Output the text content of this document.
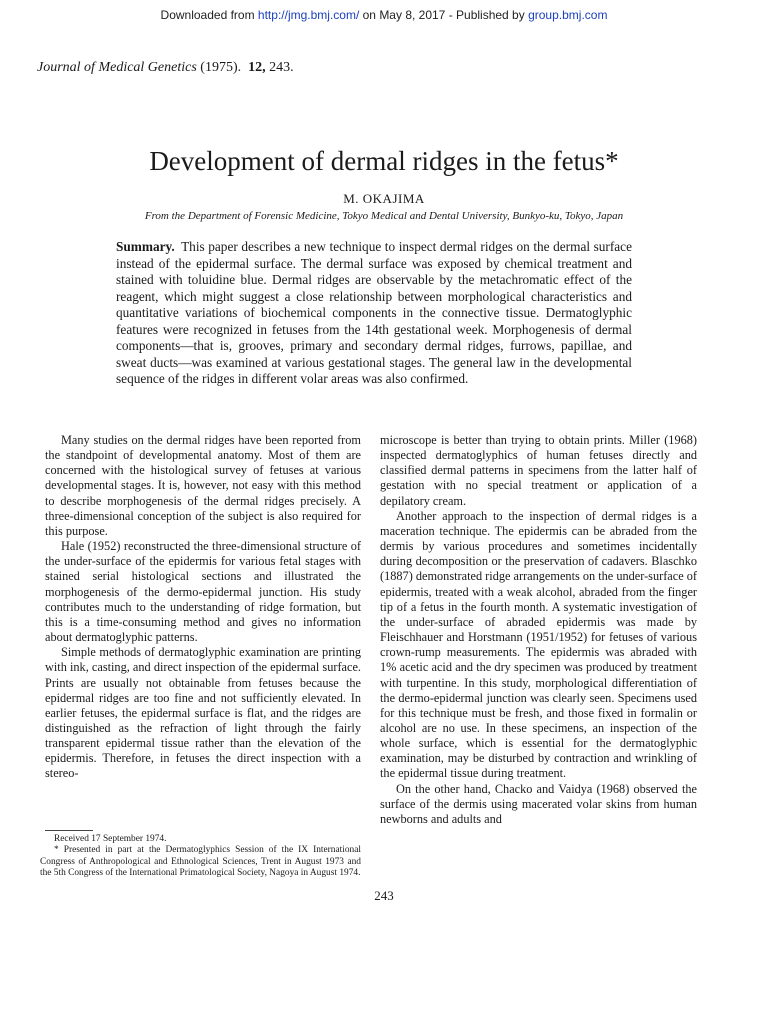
Downloaded from http://jmg.bmj.com/ on May 8, 2017 - Published by group.bmj.com
Journal of Medical Genetics (1975). 12, 243.
Development of dermal ridges in the fetus*
M. OKAJIMA
From the Department of Forensic Medicine, Tokyo Medical and Dental University, Bunkyo-ku, Tokyo, Japan
Summary. This paper describes a new technique to inspect dermal ridges on the dermal surface instead of the epidermal surface. The dermal surface was exposed by chemical treatment and stained with toluidine blue. Dermal ridges are observable by the metachromatic effect of the reagent, which might suggest a close relationship between morphological characteristics and quantitative variations of biochemical components in the connective tissue. Dermatoglyphic features were recognized in fetuses from the 14th gestational week. Morphogenesis of dermal components—that is, grooves, primary and secondary dermal ridges, furrows, papillae, and sweat ducts—was examined at various gestational stages. The general law in the developmental sequence of the ridges in different volar areas was also confirmed.

Many studies on the dermal ridges have been reported from the standpoint of developmental anatomy. Most of them are concerned with the histological survey of fetuses at various developmental stages. It is, however, not easy with this method to describe morphogenesis of the dermal ridges precisely. A three-dimensional conception of the subject is also required for this purpose.

Hale (1952) reconstructed the three-dimensional structure of the under-surface of the epidermis for various fetal stages with stained serial histological sections and illustrated the morphogenesis of the dermo-epidermal junction. His study contributes much to the understanding of ridge formation, but this is a time-consuming method and gives no information about dermatoglyphic patterns.

Simple methods of dermatoglyphic examination are printing with ink, casting, and direct inspection of the epidermal surface. Prints are usually not obtainable from fetuses because the epidermal ridges are too fine and not sufficiently elevated. In earlier fetuses, the epidermal surface is flat, and the ridges are distinguished as the refraction of light through the fairly transparent epidermal tissue rather than the elevation of the epidermis. Therefore, in fetuses the direct inspection with a stereo-

Received 17 September 1974.

* Presented in part at the Dermatoglyphics Session of the IX International Congress of Anthropological and Ethnological Sciences, Trent in August 1973 and the 5th Congress of the International Primatological Society, Nagoya in August 1974.

microscope is better than trying to obtain prints. Miller (1968) inspected dermatoglyphics of human fetuses directly and classified dermal patterns in specimens from the latter half of gestation with no special treatment or application of a depilatory cream.

Another approach to the inspection of dermal ridges is a maceration technique. The epidermis can be abraded from the dermis by various procedures and sometimes incidentally during decomposition or the preservation of cadavers. Blaschko (1887) demonstrated ridge arrangements on the under-surface of epidermis, treated with a weak alcohol, abraded from the finger tip of a fetus in the fourth month. A systematic investigation of the under-surface of abraded epidermis was made by Fleischhauer and Horstmann (1951/1952) for fetuses of various crown-rump measurements. The epidermis was abraded with 1% acetic acid and the dry specimen was produced by treatment with turpentine. In this study, morphological differentiation of the dermo-epidermal junction was clearly seen. Specimens used for this technique must be fresh, and those fixed in formalin or alcohol are no use. In these specimens, an inspection of the whole surface, which is essential for the dermatoglyphic examination, may be disturbed by contraction and wrinkling of the epidermal tissue during treatment.

On the other hand, Chacko and Vaidya (1968) observed the surface of the dermis using macerated volar skins from human newborns and adults and

243
